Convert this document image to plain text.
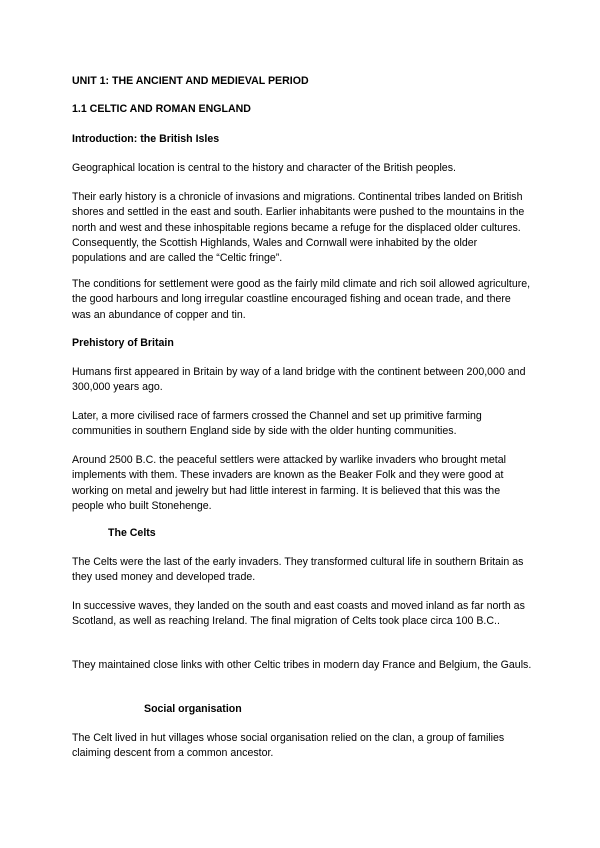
UNIT 1: THE ANCIENT AND MEDIEVAL PERIOD

1.1 CELTIC AND ROMAN ENGLAND

Introduction: the British Isles

Geographical location is central to the history and character of the British peoples.

Their early history is a chronicle of invasions and migrations. Continental tribes landed on British shores and settled in the east and south. Earlier inhabitants were pushed to the mountains in the north and west and these inhospitable regions became a refuge for the displaced older cultures. Consequently, the Scottish Highlands, Wales and Cornwall were inhabited by the older populations and are called the “Celtic fringe”.

The conditions for settlement were good as the fairly mild climate and rich soil allowed agriculture, the good harbours and long irregular coastline encouraged fishing and ocean trade, and there was an abundance of copper and tin.

Prehistory of Britain

Humans first appeared in Britain by way of a land bridge with the continent between 200,000 and 300,000 years ago.

Later, a more civilised race of farmers crossed the Channel and set up primitive farming communities in southern England side by side with the older hunting communities.

Around 2500 B.C. the peaceful settlers were attacked by warlike invaders who brought metal implements with them. These invaders are known as the Beaker Folk and they were good at working on metal and jewelry but had little interest in farming. It is believed that this was the people who built Stonehenge.

The Celts

The Celts were the last of the early invaders. They transformed cultural life in southern Britain as they used money and developed trade.

In successive waves, they landed on the south and east coasts and moved inland as far north as Scotland, as well as reaching Ireland. The final migration of Celts took place circa 100 B.C..

They maintained close links with other Celtic tribes in modern day France and Belgium, the Gauls.

Social organisation

The Celt lived in hut villages whose social organisation relied on the clan, a group of families claiming descent from a common ancestor.
